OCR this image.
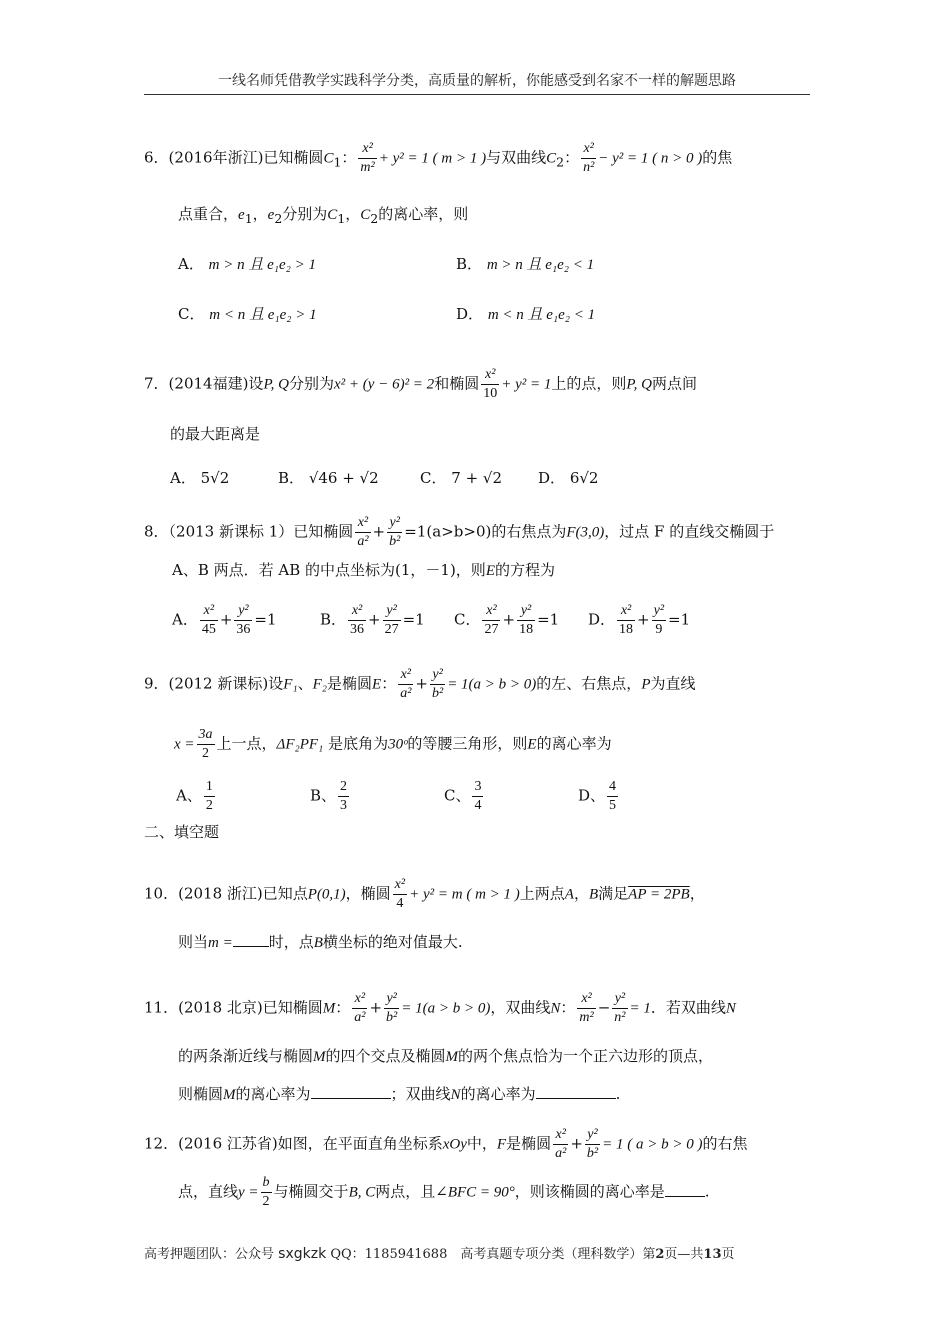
一线名师凭借教学实践科学分类，高质量的解析，你能感受到名家不一样的解题思路
6．(2016年浙江)已知椭圆$C_1$： $\frac{\text{x²}}{\text{m²}} + y^2 = 1$ ( m > 1 )与双曲线$C_2$： $\frac{\text{x²}}{\text{n²}} - y^2 = 1$ ( n > 0 )的焦
点重合，$e_1$，$e_2$分别为$C_1$，$C_2$的离心率，则
A． m > n 且 e₁e₂ > 1	B． m > n 且 e₁e₂ < 1
C． m < n 且 e₁e₂ > 1	D． m < n 且 e₁e₂ < 1
7．(2014福建)设P, Q分别为x² + (y − 6)² = 2和椭圆 $\frac{\text{x²}}{10} + y^2 = 1$上的点，则P, Q两点间
的最大距离是
A． 5√2	B． √46 + √2	C． 7 + √2 D． 6√2
8．（2013 新课标 1）已知椭圆 $\frac{\text{x²}}{\text{a²}} + \frac{\text{y²}}{\text{b²}} =1(a>b>0)$的右焦点为F(3,0)，过点 F 的直线交椭圆于
A、B 两点．若 AB 的中点坐标为(1，－1)，则E的方程为
A． $\frac{\text{x²}}{45} + \frac{\text{y²}}{36} =1$	B． $\frac{\text{x²}}{36} + \frac{\text{y²}}{27} =1$ C． $\frac{\text{x²}}{27} + \frac{\text{y²}}{18} =1$ D． $\frac{\text{x²}}{18} + \frac{\text{y²}}{9} =1$
9．(2012 新课标)设F₁、F₂是椭圆E： $\frac{\text{x²}}{\text{a²}} + \frac{\text{y²}}{\text{b²}} = 1(a > b > 0)$的左、右焦点，P为直线
$x = \frac{3a}{2}$ 上一点，ΔF₂PF₁ 是底角为30ᵒ的等腰三角形，则E的离心率为
A、 $\frac{1}{2}$	B、 $\frac{2}{3}$	C、 $\frac{3}{4}$	D、 $\frac{4}{5}$
二、填空题
10．(2018 浙江)已知点P(0,1)，椭圆 $\frac{\text{x²}}{4} + y^2 = m$ ( m > 1 )上两点A，B满足AP = 2PB，
则当m = 时，点B横坐标的绝对值最大.
11．(2018 北京)已知椭圆M： $\frac{\text{x²}}{\text{a²}} + \frac{\text{y²}}{\text{b²}} = 1(a > b > 0)$，双曲线N： $\frac{\text{x²}}{\text{m²}} - \frac{\text{y²}}{\text{n²}} = 1$．若双曲线N
的两条渐近线与椭圆M的四个交点及椭圆M的两个焦点恰为一个正六边形的顶点，
则椭圆M的离心率为	；双曲线N的离心率为	.
12．(2016 江苏省)如图，在平面直角坐标系xOy中，F是椭圆 $\frac{\text{x²}}{\text{a²}} + \frac{\text{y²}}{\text{b²}} = 1$ ( a > b > 0 )的右焦
点，直线$y = \frac{b}{2}$ 与椭圆交于B, C两点，且∠BFC = 90°，则该椭圆的离心率是	.
高考押题团队：公众号 sxgkzk QQ：1185941688　高考真题专项分类（理科数学）第2页—共13页
